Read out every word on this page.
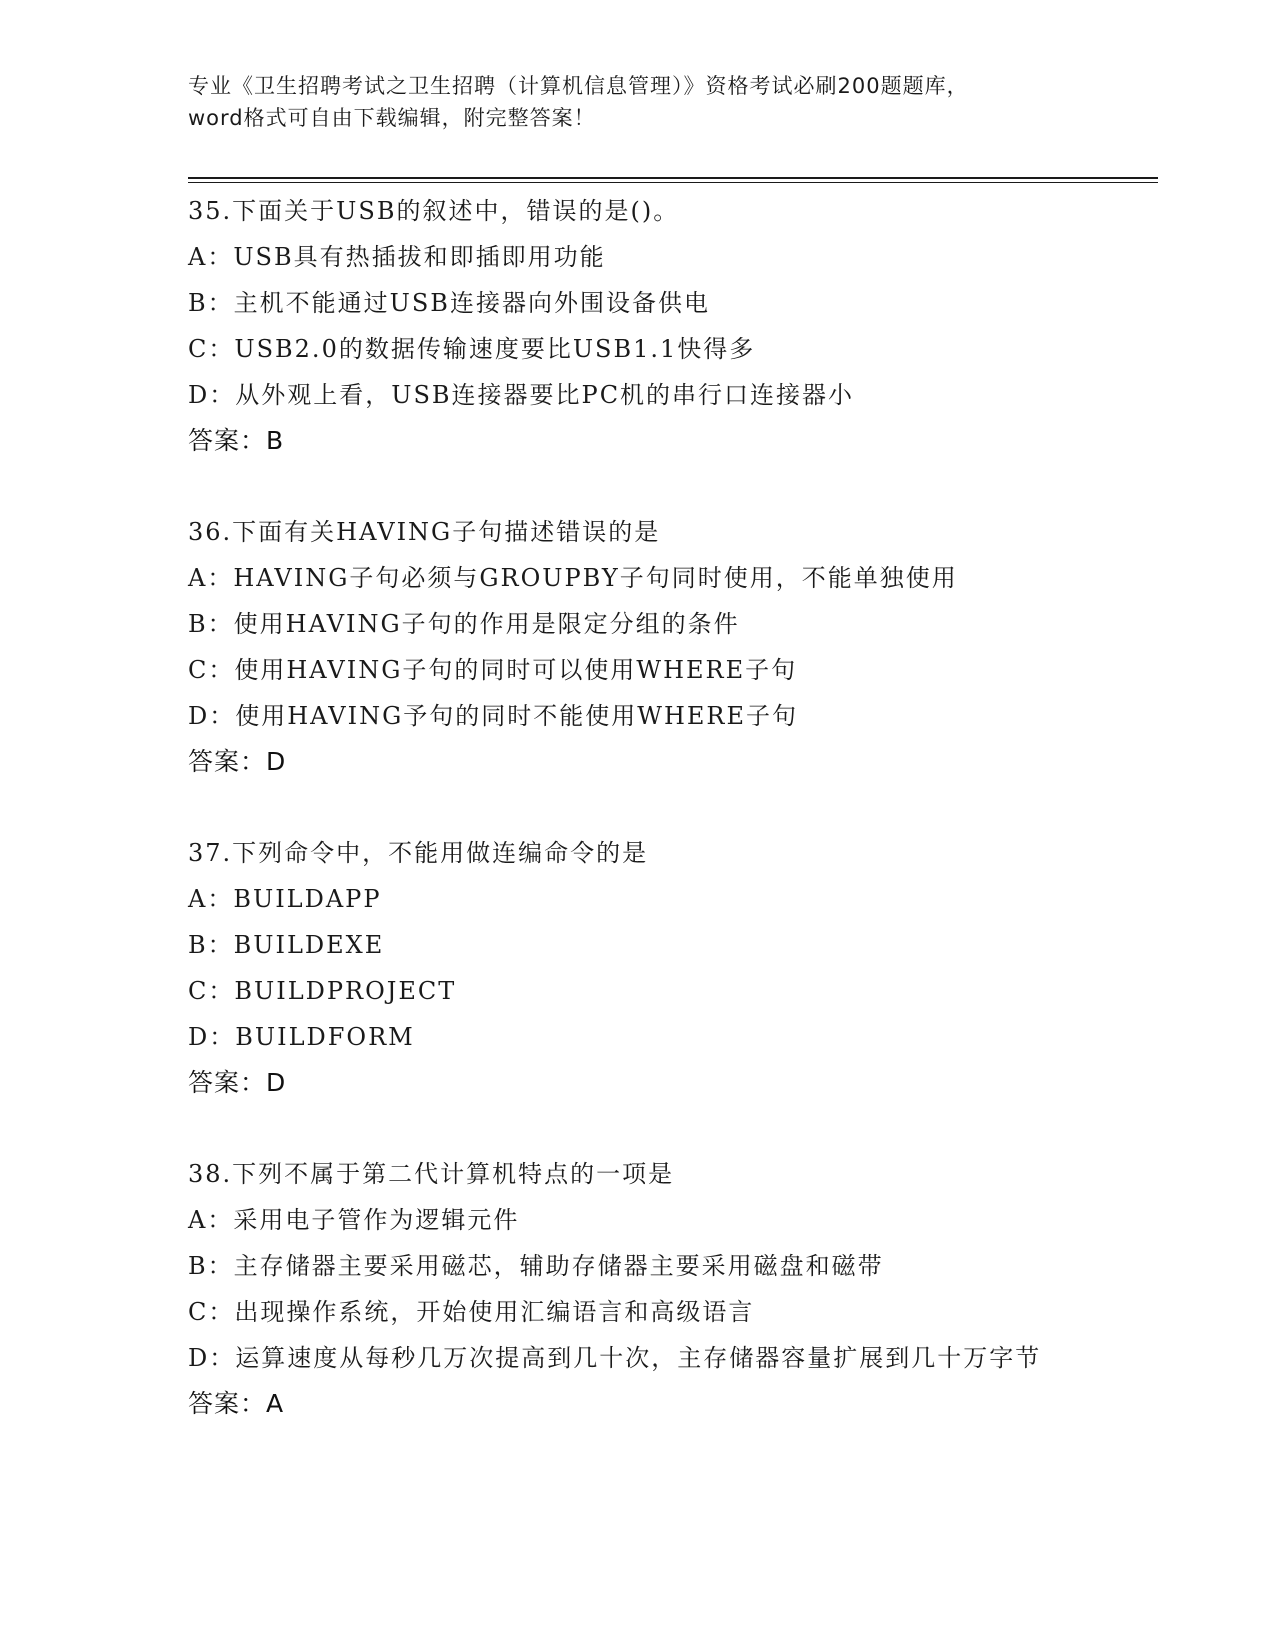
专业《卫生招聘考试之卫生招聘（计算机信息管理）》资格考试必刷200题题库，
word格式可自由下载编辑，附完整答案！
35.下面关于USB的叙述中，错误的是()。
A：USB具有热插拔和即插即用功能
B：主机不能通过USB连接器向外围设备供电
C：USB2.0的数据传输速度要比USB1.1快得多
D：从外观上看，USB连接器要比PC机的串行口连接器小
答案：B
36.下面有关HAVING子句描述错误的是
A：HAVING子句必须与GROUPBY子句同时使用，不能单独使用
B：使用HAVING子句的作用是限定分组的条件
C：使用HAVING子句的同时可以使用WHERE子句
D：使用HAVING予句的同时不能使用WHERE子句
答案：D
37.下列命令中，不能用做连编命令的是
A：BUILDAPP
B：BUILDEXE
C：BUILDPROJECT
D：BUILDFORM
答案：D
38.下列不属于第二代计算机特点的一项是
A：采用电子管作为逻辑元件
B：主存储器主要采用磁芯，辅助存储器主要采用磁盘和磁带
C：出现操作系统，开始使用汇编语言和高级语言
D：运算速度从每秒几万次提高到几十次，主存储器容量扩展到几十万字节
答案：A
